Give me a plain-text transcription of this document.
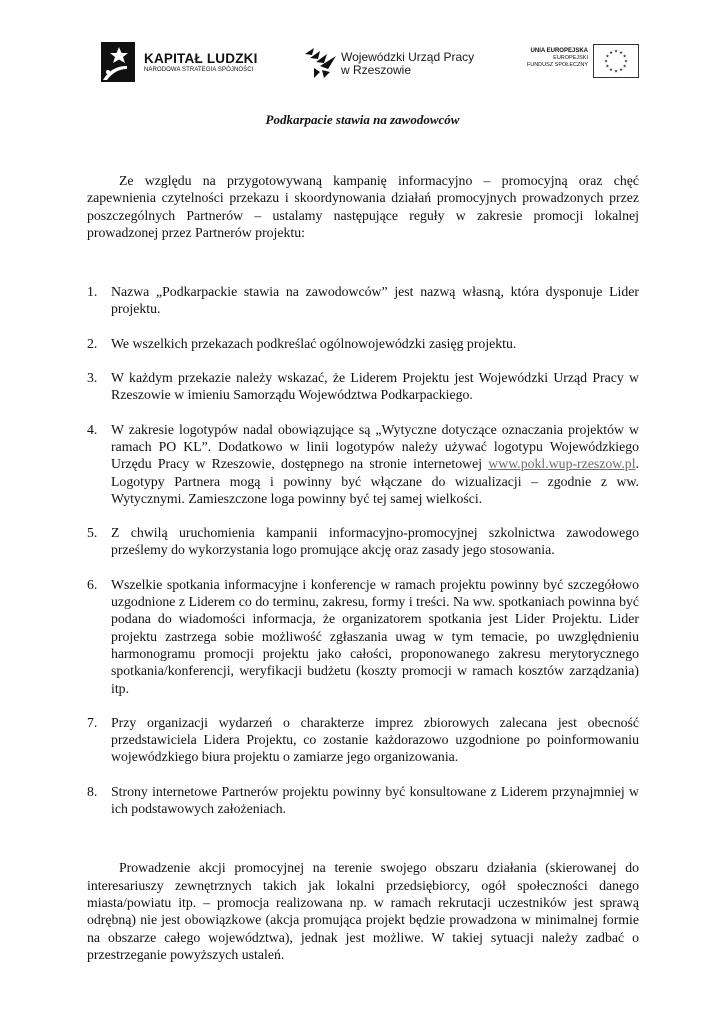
KAPITAŁ LUDZKI
NARODOWA STRATEGIA SPÓJNOŚCI
Wojewódzki Urząd Pracy
w Rzeszowie
UNIA EUROPEJSKA
EUROPEJSKI
FUNDUSZ SPOŁECZNY
★ ★
★
★
★
★
★
★
★
★
★
★
Podkarpacie stawia na zawodowców

Ze względu na przygotowywaną kampanię informacyjno – promocyjną oraz chęć zapewnienia czytelności przekazu i skoordynowania działań promocyjnych prowadzonych przez poszczególnych Partnerów – ustalamy następujące reguły w zakresie promocji lokalnej prowadzonej przez Partnerów projektu:

1. Nazwa „Podkarpackie stawia na zawodowców” jest nazwą własną, która dysponuje Lider projektu.
2. We wszelkich przekazach podkreślać ogólnowojewódzki zasięg projektu.
3. W każdym przekazie należy wskazać, że Liderem Projektu jest Wojewódzki Urząd Pracy w Rzeszowie w imieniu Samorządu Województwa Podkarpackiego.
4. W zakresie logotypów nadal obowiązujące są „Wytyczne dotyczące oznaczania projektów w ramach PO KL”. Dodatkowo w linii logotypów należy używać logotypu Wojewódzkiego Urzędu Pracy w Rzeszowie, dostępnego na stronie internetowej www.pokl.wup-rzeszow.pl. Logotypy Partnera mogą i powinny być włączane do wizualizacji – zgodnie z ww. Wytycznymi. Zamieszczone loga powinny być tej samej wielkości.
5. Z chwilą uruchomienia kampanii informacyjno-promocyjnej szkolnictwa zawodowego prześlemy do wykorzystania logo promujące akcję oraz zasady jego stosowania.
6. Wszelkie spotkania informacyjne i konferencje w ramach projektu powinny być szczegółowo uzgodnione z Liderem co do terminu, zakresu, formy i treści. Na ww. spotkaniach powinna być podana do wiadomości informacja, że organizatorem spotkania jest Lider Projektu. Lider projektu zastrzega sobie możliwość zgłaszania uwag w tym temacie, po uwzględnieniu harmonogramu promocji projektu jako całości, proponowanego zakresu merytorycznego spotkania/konferencji, weryfikacji budżetu (koszty promocji w ramach kosztów zarządzania) itp.
7. Przy organizacji wydarzeń o charakterze imprez zbiorowych zalecana jest obecność przedstawiciela Lidera Projektu, co zostanie każdorazowo uzgodnione po poinformowaniu wojewódzkiego biura projektu o zamiarze jego organizowania.
8. Strony internetowe Partnerów projektu powinny być konsultowane z Liderem przynajmniej w ich podstawowych założeniach.

Prowadzenie akcji promocyjnej na terenie swojego obszaru działania (skierowanej do interesariuszy zewnętrznych takich jak lokalni przedsiębiorcy, ogół społeczności danego miasta/powiatu itp. – promocja realizowana np. w ramach rekrutacji uczestników jest sprawą odrębną) nie jest obowiązkowe (akcja promująca projekt będzie prowadzona w minimalnej formie na obszarze całego województwa), jednak jest możliwe. W takiej sytuacji należy zadbać o przestrzeganie powyższych ustaleń.
